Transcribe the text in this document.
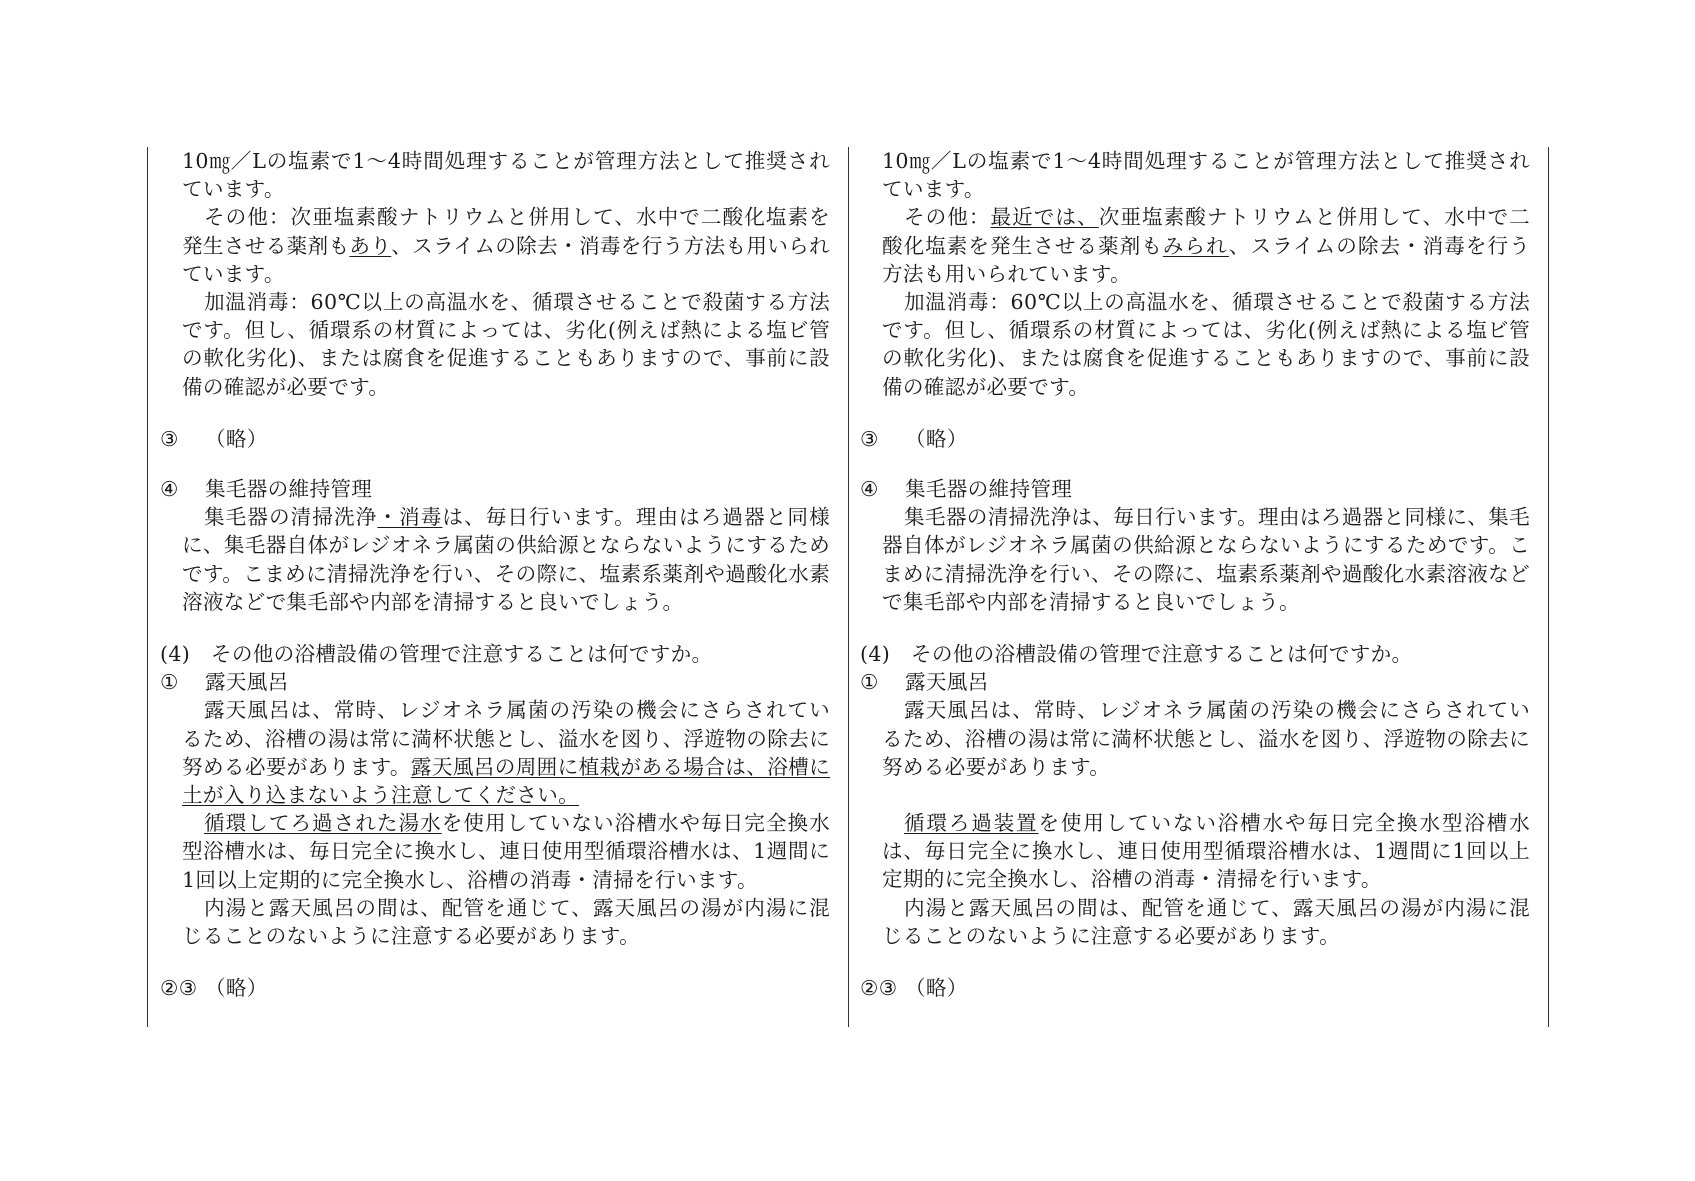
10㎎／Lの塩素で1～4時間処理することが管理方法として推奨されています。

その他：次亜塩素酸ナトリウムと併用して、水中で二酸化塩素を発生させる薬剤もあり、スライムの除去・消毒を行う方法も用いられています。

加温消毒：60℃以上の高温水を、循環させることで殺菌する方法です。但し、循環系の材質によっては、劣化(例えば熱による塩ビ管の軟化劣化)、または腐食を促進することもありますので、事前に設備の確認が必要です。

③ （略）

④ 集毛器の維持管理

集毛器の清掃洗浄・消毒は、毎日行います。理由はろ過器と同様に、集毛器自体がレジオネラ属菌の供給源とならないようにするためです。こまめに清掃洗浄を行い、その際に、塩素系薬剤や過酸化水素溶液などで集毛部や内部を清掃すると良いでしょう。

(4)　その他の浴槽設備の管理で注意することは何ですか。

① 露天風呂

露天風呂は、常時、レジオネラ属菌の汚染の機会にさらされているため、浴槽の湯は常に満杯状態とし、溢水を図り、浮遊物の除去に努める必要があります。露天風呂の周囲に植栽がある場合は、浴槽に土が入り込まないよう注意してください。

循環してろ過された湯水を使用していない浴槽水や毎日完全換水型浴槽水は、毎日完全に換水し、連日使用型循環浴槽水は、1週間に1回以上定期的に完全換水し、浴槽の消毒・清掃を行います。

内湯と露天風呂の間は、配管を通じて、露天風呂の湯が内湯に混じることのないように注意する必要があります。

②③ （略）

10㎎／Lの塩素で1～4時間処理することが管理方法として推奨されています。

その他：最近では、次亜塩素酸ナトリウムと併用して、水中で二酸化塩素を発生させる薬剤もみられ、スライムの除去・消毒を行う方法も用いられています。

加温消毒：60℃以上の高温水を、循環させることで殺菌する方法です。但し、循環系の材質によっては、劣化(例えば熱による塩ビ管の軟化劣化)、または腐食を促進することもありますので、事前に設備の確認が必要です。

③ （略）

④ 集毛器の維持管理

集毛器の清掃洗浄は、毎日行います。理由はろ過器と同様に、集毛器自体がレジオネラ属菌の供給源とならないようにするためです。こまめに清掃洗浄を行い、その際に、塩素系薬剤や過酸化水素溶液などで集毛部や内部を清掃すると良いでしょう。

(4)　その他の浴槽設備の管理で注意することは何ですか。

① 露天風呂

露天風呂は、常時、レジオネラ属菌の汚染の機会にさらされているため、浴槽の湯は常に満杯状態とし、溢水を図り、浮遊物の除去に努める必要があります。

循環ろ過装置を使用していない浴槽水や毎日完全換水型浴槽水は、毎日完全に換水し、連日使用型循環浴槽水は、1週間に1回以上定期的に完全換水し、浴槽の消毒・清掃を行います。

内湯と露天風呂の間は、配管を通じて、露天風呂の湯が内湯に混じることのないように注意する必要があります。

②③ （略）
